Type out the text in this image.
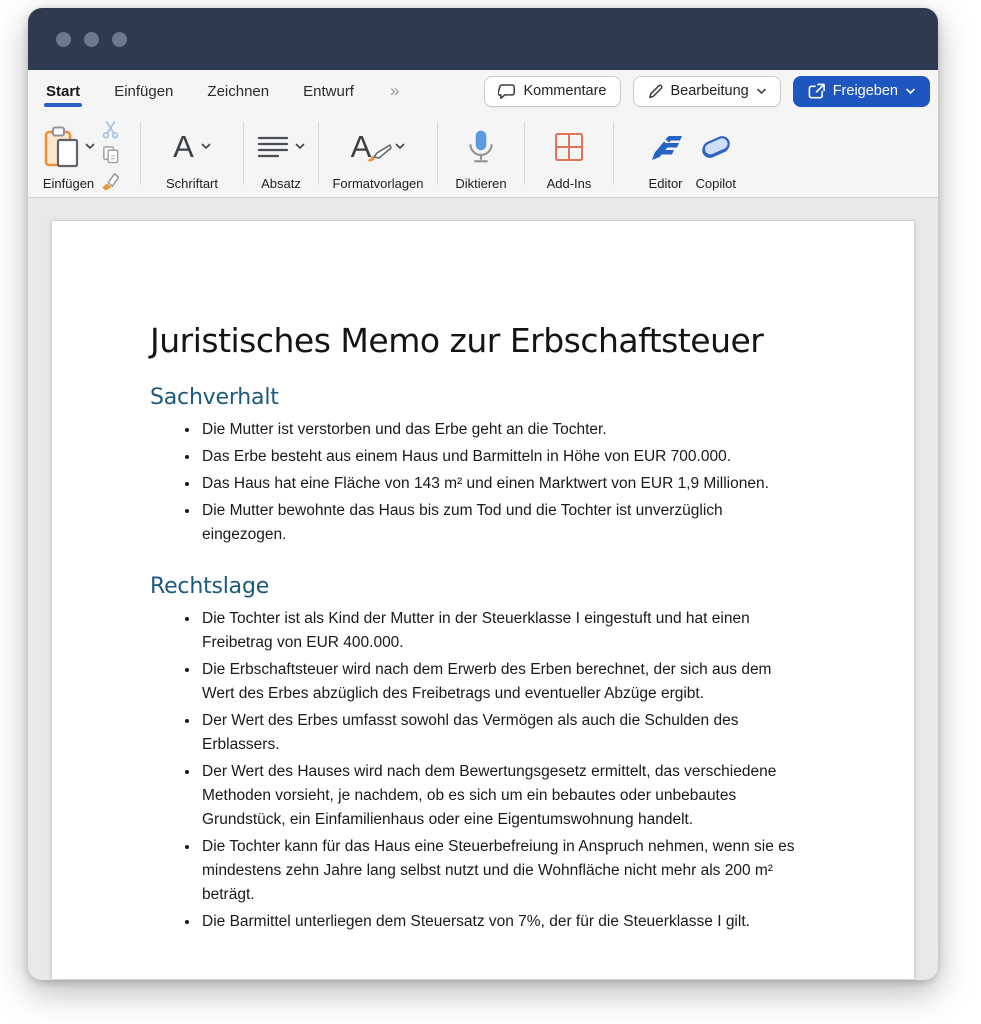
Start Einfügen Zeichnen Entwurf »	Kommentare	Bearbeitung	Freigeben
Einfügen
A
Schriftart	Absatz
A
Formatvorlagen Diktieren	Add-Ins	Editor Copilot
Juristisches Memo zur Erbschaftsteuer
Sachverhalt
• Die Mutter ist verstorben und das Erbe geht an die Tochter.
• Das Erbe besteht aus einem Haus und Barmitteln in Höhe von EUR 700.000.
• Das Haus hat eine Fläche von 143 m² und einen Marktwert von EUR 1,9 Millionen.
• Die Mutter bewohnte das Haus bis zum Tod und die Tochter ist unverzüglich eingezogen.
Rechtslage
• Die Tochter ist als Kind der Mutter in der Steuerklasse I eingestuft und hat einen Freibetrag von EUR 400.000.
• Die Erbschaftsteuer wird nach dem Erwerb des Erben berechnet, der sich aus dem Wert des Erbes abzüglich des Freibetrags und eventueller Abzüge ergibt.
• Der Wert des Erbes umfasst sowohl das Vermögen als auch die Schulden des Erblassers.
• Der Wert des Hauses wird nach dem Bewertungsgesetz ermittelt, das verschiedene Methoden vorsieht, je nachdem, ob es sich um ein bebautes oder unbebautes Grundstück, ein Einfamilienhaus oder eine Eigentumswohnung handelt.
• Die Tochter kann für das Haus eine Steuerbefreiung in Anspruch nehmen, wenn sie es mindestens zehn Jahre lang selbst nutzt und die Wohnfläche nicht mehr als 200 m² beträgt.
• Die Barmittel unterliegen dem Steuersatz von 7%, der für die Steuerklasse I gilt.
